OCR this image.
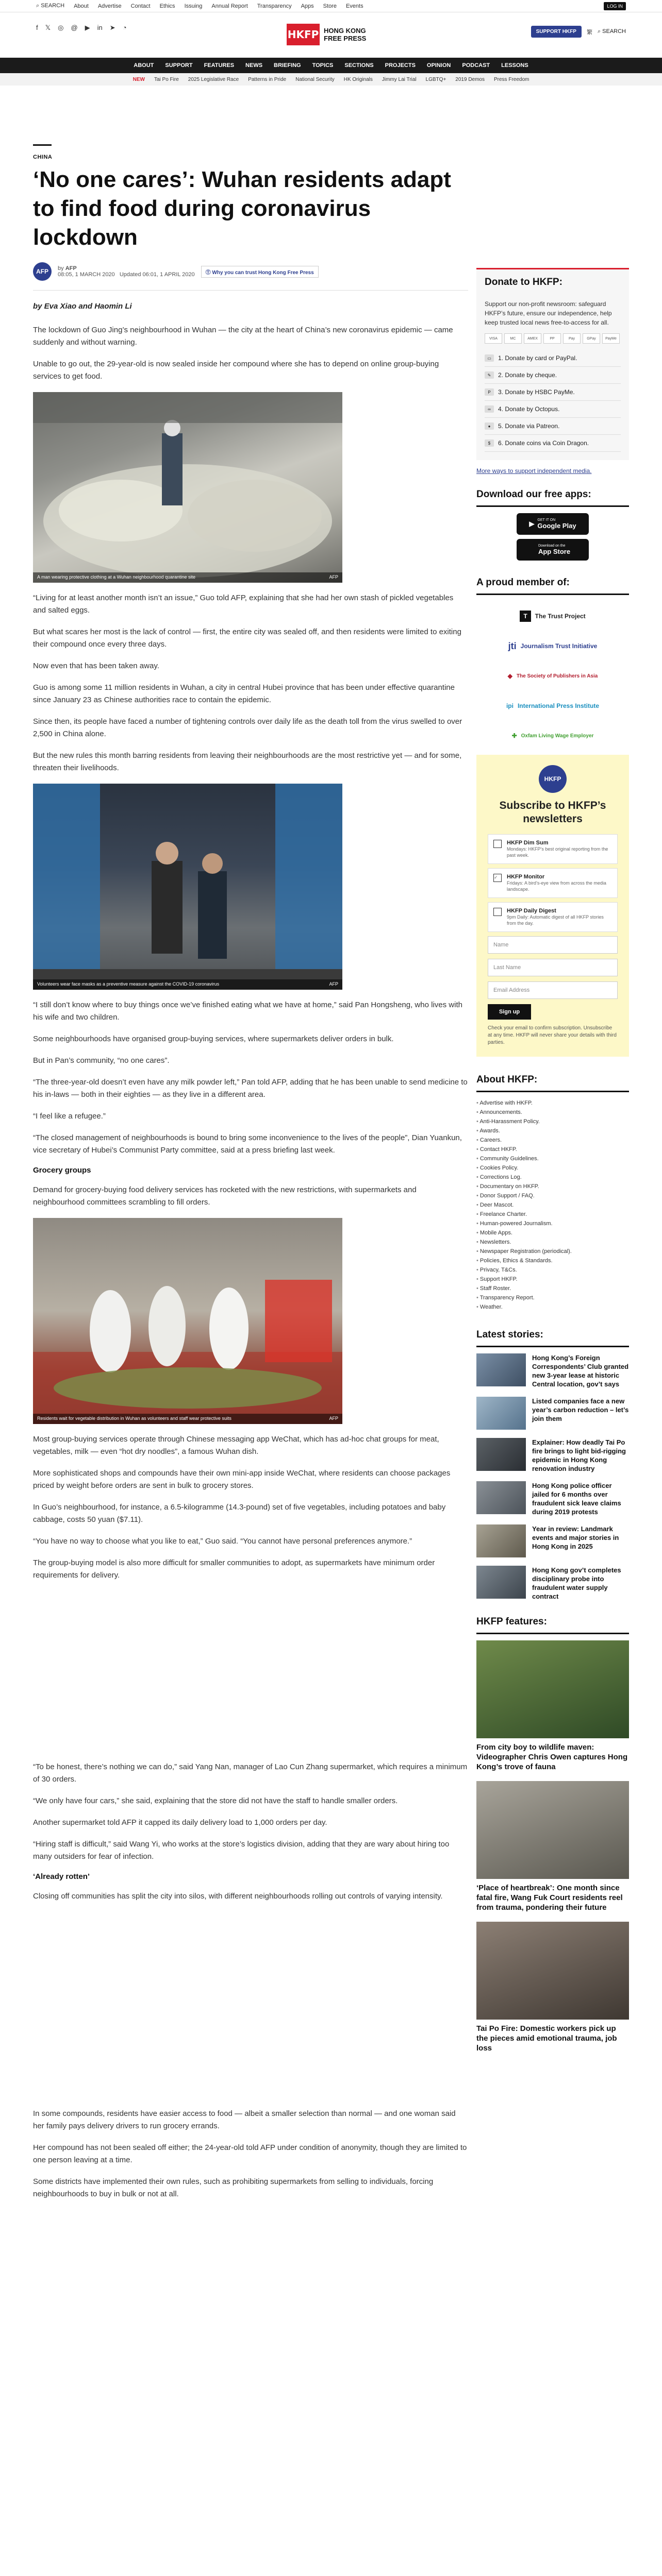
⌕ SEARCH About Advertise Contact Ethics Issuing Annual Report Transparency Apps Store Events	LOG IN
f 𝕏 ◎ @ ▶ in ➤ ◔
HKFP HONG KONG
FREE PRESS
SUPPORT HKFP	繁 ⌕ SEARCH
ABOUT SUPPORT FEATURES NEWS BRIEFING TOPICS SECTIONS PROJECTS OPINION PODCAST LESSONS
NEW Tai Po Fire 2025 Legislative Race Patterns in Pride National Security HK Originals Jimmy Lai Trial LGBTQ+ 2019 Demos Press Freedom
CHINA
‘No one cares’: Wuhan residents adapt to find food during coronavirus lockdown
AFP	by AFP
08:05, 1 MARCH 2020 Updated 06:01, 1 APRIL 2020	Ⓣ Why you can trust Hong Kong Free Press
by Eva Xiao and Haomin Li

The lockdown of Guo Jing’s neighbourhood in Wuhan — the city at the heart of China’s new coronavirus epidemic — came suddenly and without warning.

Unable to go out, the 29-year-old is now sealed inside her compound where she has to depend on online group-buying services to get food.

A man wearing protective clothing at a Wuhan neighbourhood quarantine site	AFP

“Living for at least another month isn’t an issue,” Guo told AFP, explaining that she had her own stash of pickled vegetables and salted eggs.

But what scares her most is the lack of control — first, the entire city was sealed off, and then residents were limited to exiting their compound once every three days.

Now even that has been taken away.

Guo is among some 11 million residents in Wuhan, a city in central Hubei province that has been under effective quarantine since January 23 as Chinese authorities race to contain the epidemic.

Since then, its people have faced a number of tightening controls over daily life as the death toll from the virus swelled to over 2,500 in China alone.

But the new rules this month barring residents from leaving their neighbourhoods are the most restrictive yet — and for some, threaten their livelihoods.

Volunteers wear face masks as a preventive measure against the COVID-19 coronavirus	AFP

“I still don’t know where to buy things once we’ve finished eating what we have at home,” said Pan Hongsheng, who lives with his wife and two children.

Some neighbourhoods have organised group-buying services, where supermarkets deliver orders in bulk.

But in Pan’s community, “no one cares”.

“The three-year-old doesn’t even have any milk powder left,” Pan told AFP, adding that he has been unable to send medicine to his in-laws — both in their eighties — as they live in a different area.

“I feel like a refugee.”

“The closed management of neighbourhoods is bound to bring some inconvenience to the lives of the people”, Dian Yuankun, vice secretary of Hubei’s Communist Party committee, said at a press briefing last week.

Grocery groups

Demand for grocery-buying food delivery services has rocketed with the new restrictions, with supermarkets and neighbourhood committees scrambling to fill orders.

Residents wait for vegetable distribution in Wuhan as volunteers and staff wear protective suits	AFP

Most group-buying services operate through Chinese messaging app WeChat, which has ad-hoc chat groups for meat, vegetables, milk — even “hot dry noodles”, a famous Wuhan dish.

More sophisticated shops and compounds have their own mini-app inside WeChat, where residents can choose packages priced by weight before orders are sent in bulk to grocery stores.

In Guo’s neighbourhood, for instance, a 6.5-kilogramme (14.3-pound) set of five vegetables, including potatoes and baby cabbage, costs 50 yuan ($7.11).

“You have no way to choose what you like to eat,” Guo said. “You cannot have personal preferences anymore.”

The group-buying model is also more difficult for smaller communities to adopt, as supermarkets have minimum order requirements for delivery.

“To be honest, there’s nothing we can do,” said Yang Nan, manager of Lao Cun Zhang supermarket, which requires a minimum of 30 orders.

“We only have four cars,” she said, explaining that the store did not have the staff to handle smaller orders.

Another supermarket told AFP it capped its daily delivery load to 1,000 orders per day.

“Hiring staff is difficult,” said Wang Yi, who works at the store’s logistics division, adding that they are wary about hiring too many outsiders for fear of infection.

‘Already rotten’

Closing off communities has split the city into silos, with different neighbourhoods rolling out controls of varying intensity.

In some compounds, residents have easier access to food — albeit a smaller selection than normal — and one woman said her family pays delivery drivers to run grocery errands.

Her compound has not been sealed off either; the 24-year-old told AFP under condition of anonymity, though they are limited to one person leaving at a time.

Some districts have implemented their own rules, such as prohibiting supermarkets from selling to individuals, forcing neighbourhoods to buy in bulk or not at all.

Donate to HKFP:

Support our non-profit newsroom: safeguard HKFP’s future, ensure our independence, help keep trusted local news free-to-access for all.

VISA	MC	AMEX	PP	Pay	GPay	PayMe
▭	1. Donate by card or PayPal.
✎	2. Donate by cheque.
P	3. Donate by HSBC PayMe.
∞	4. Donate by Octopus.
●	5. Donate via Patreon.
$	6. Donate coins via Coin Dragon.
More ways to support independent media.
Download our free apps:
▶ GET IT ON
Google Play
Download on the
App Store
A proud member of:
T	The Trust Project
jti Journalism Trust Initiative
◆ The Society of Publishers in Asia
ipi International Press Institute
✚ Oxfam Living Wage Employer
HKFP
Subscribe to HKFP’s newsletters
HKFP Dim Sum
Mondays: HKFP’s best original reporting from the past week.
✓	HKFP Monitor
Fridays: A bird’s-eye view from across the media landscape.
HKFP Daily Digest
9pm Daily: Automatic digest of all HKFP stories from the day.
Name
Last Name
Email Address
Sign up
Check your email to confirm subscription. Unsubscribe at any time. HKFP will never share your details with third parties.
About HKFP:
• Advertise with HKFP.
• Announcements.
• Anti-Harassment Policy.
• Awards.
• Careers.
• Contact HKFP.
• Community Guidelines.
• Cookies Policy.
• Corrections Log.
• Documentary on HKFP.
• Donor Support / FAQ.
• Deer Mascot.
• Freelance Charter.
• Human-powered Journalism.
• Mobile Apps.
• Newsletters.
• Newspaper Registration (periodical).
• Policies, Ethics & Standards.
• Privacy, T&Cs.
• Support HKFP.
• Staff Roster.
• Transparency Report.
• Weather.
Latest stories:
Hong Kong’s Foreign Correspondents’ Club granted new 3-year lease at historic Central location, gov’t says
Listed companies face a new year’s carbon reduction – let’s join them
Explainer: How deadly Tai Po fire brings to light bid-rigging epidemic in Hong Kong renovation industry
Hong Kong police officer jailed for 6 months over fraudulent sick leave claims during 2019 protests
Year in review: Landmark events and major stories in Hong Kong in 2025
Hong Kong gov’t completes disciplinary probe into fraudulent water supply contract
HKFP features:
From city boy to wildlife maven: Videographer Chris Owen captures Hong Kong’s trove of fauna
‘Place of heartbreak’: One month since fatal fire, Wang Fuk Court residents reel from trauma, pondering their future
Tai Po Fire: Domestic workers pick up the pieces amid emotional trauma, job loss
